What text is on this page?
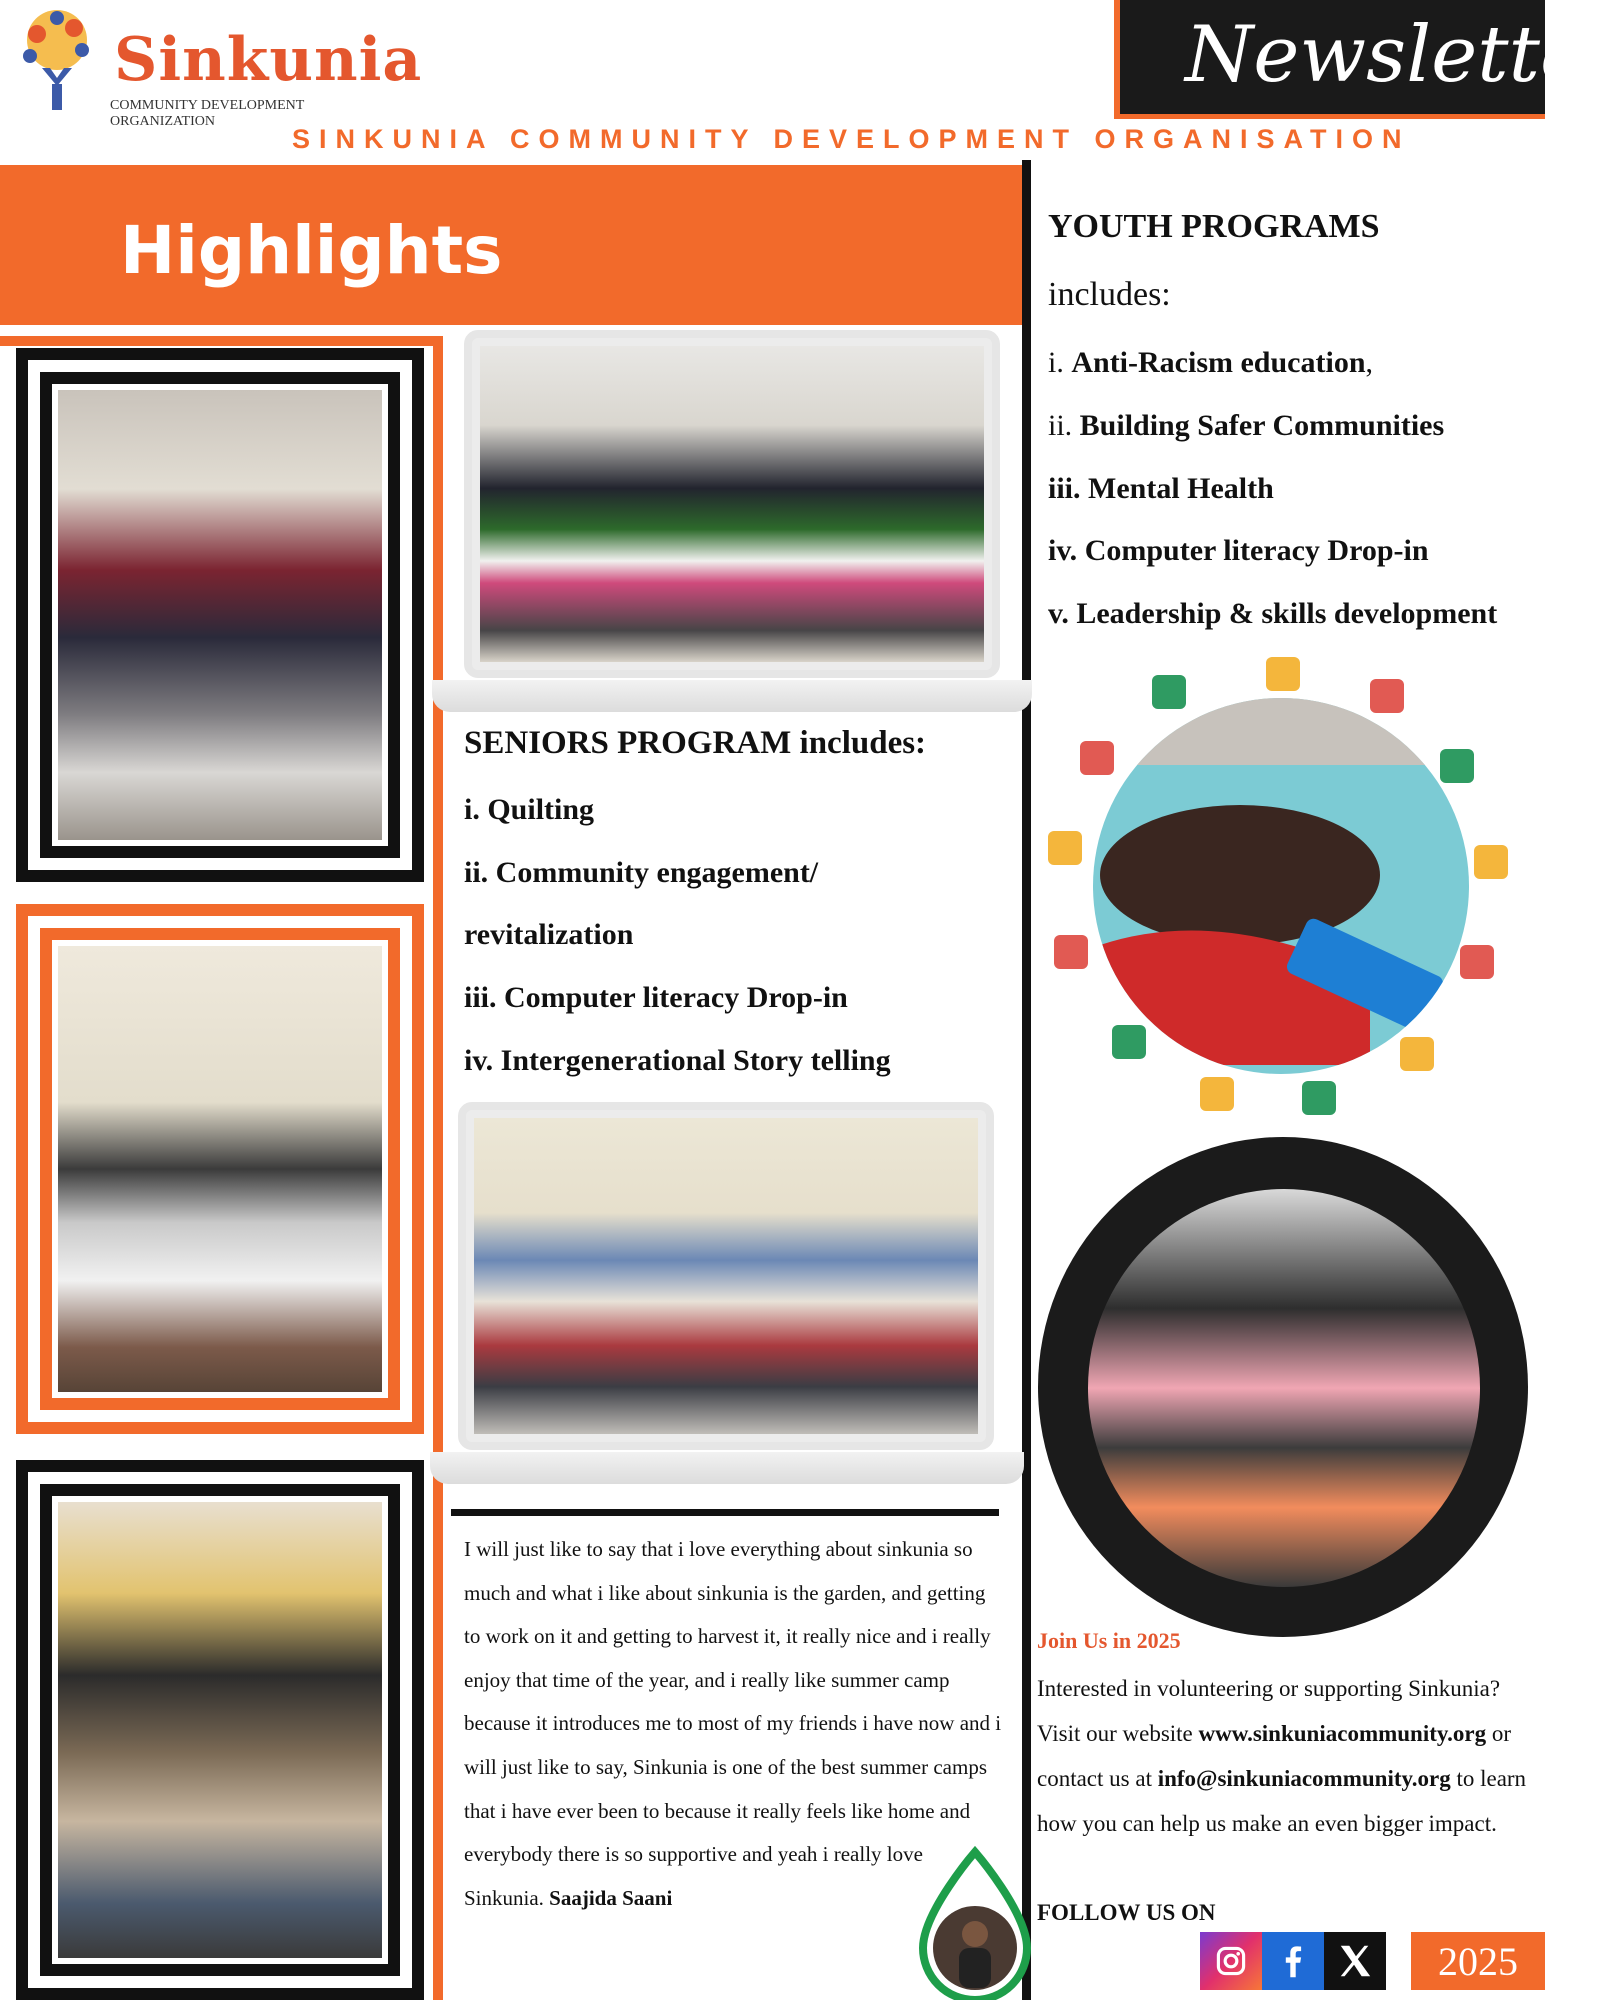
Sinkunia
COMMUNITY DEVELOPMENT ORGANIZATION
Newsletter
SINKUNIA COMMUNITY DEVELOPMENT ORGANISATION
Highlights
SENIORS PROGRAM includes:
i. Quilting
ii. Community engagement/
revitalization
iii. Computer literacy Drop-in
iv. Intergenerational Story telling
I will just like to say that i love everything about sinkunia so much and what i like about sinkunia is the garden, and getting to work on it and getting to harvest it, it really nice and i really enjoy that time of the year, and i really like summer camp because it introduces me to most of my friends i have now and i will just like to say, Sinkunia is one of the best summer camps that i have ever been to because it really feels like home and everybody there is so supportive and yeah i really love Sinkunia. Saajida Saani
YOUTH PROGRAMS
includes:
i. Anti-Racism education,
ii. Building Safer Communities
iii. Mental Health
iv. Computer literacy Drop-in
v. Leadership & skills development
Join Us in 2025
Interested in volunteering or supporting Sinkunia? Visit our website www.sinkuniacommunity.org or contact us at info@sinkuniacommunity.org to learn how you can help us make an even bigger impact.
FOLLOW US ON
2025
